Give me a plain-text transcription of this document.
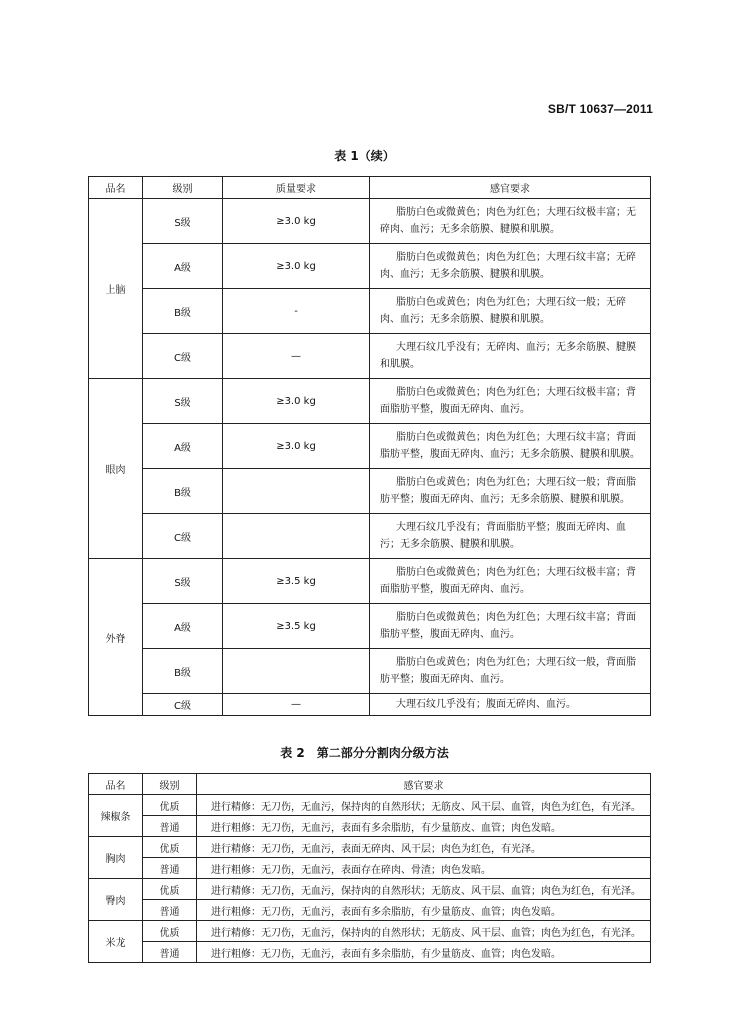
SB/T 10637—2011
表 1（续）
品名	级别	质量要求	感官要求
上脑	S级	≥3.0 kg	脂肪白色或微黄色；肉色为红色；大理石纹极丰富；无碎肉、血污；无多余筋膜、腱膜和肌膜。
	A级	≥3.0 kg	脂肪白色或微黄色；肉色为红色；大理石纹丰富；无碎肉、血污；无多余筋膜、腱膜和肌膜。
	B级	-	脂肪白色或黄色；肉色为红色；大理石纹一般；无碎肉、血污；无多余筋膜、腱膜和肌膜。
	C级	—	大理石纹几乎没有；无碎肉、血污；无多余筋膜、腱膜和肌膜。
眼肉	S级	≥3.0 kg	脂肪白色或微黄色；肉色为红色；大理石纹极丰富；背面脂肪平整，腹面无碎肉、血污。
	A级	≥3.0 kg	脂肪白色或微黄色；肉色为红色；大理石纹丰富；背面脂肪平整，腹面无碎肉、血污；无多余筋膜、腱膜和肌膜。
	B级		脂肪白色或黄色；肉色为红色；大理石纹一般；背面脂肪平整；腹面无碎肉、血污；无多余筋膜、腱膜和肌膜。
	C级		大理石纹几乎没有；背面脂肪平整；腹面无碎肉、血污；无多余筋膜、腱膜和肌膜。
外脊	S级	≥3.5 kg	脂肪白色或微黄色；肉色为红色；大理石纹极丰富；背面脂肪平整，腹面无碎肉、血污。
	A级	≥3.5 kg	脂肪白色或微黄色；肉色为红色；大理石纹丰富；背面脂肪平整，腹面无碎肉、血污。
	B级		脂肪白色或黄色；肉色为红色；大理石纹一般，背面脂肪平整；腹面无碎肉、血污。
	C级	—	大理石纹几乎没有；腹面无碎肉、血污。
表 2　第二部分分割肉分级方法
品名	级别	感官要求
辣椒条	优质	进行精修：无刀伤，无血污，保持肉的自然形状；无筋皮、风干层、血管，肉色为红色，有光泽。
	普通	进行粗修：无刀伤，无血污，表面有多余脂肪，有少量筋皮、血管；肉色发暗。
胸肉	优质	进行精修：无刀伤，无血污，表面无碎肉、风干层；肉色为红色，有光泽。
	普通	进行粗修：无刀伤，无血污，表面存在碎肉、骨渣；肉色发暗。
臀肉	优质	进行精修：无刀伤，无血污，保持肉的自然形状；无筋皮、风干层、血管；肉色为红色，有光泽。
	普通	进行粗修：无刀伤，无血污，表面有多余脂肪，有少量筋皮、血管；肉色发暗。
米龙	优质	进行精修：无刀伤，无血污，保持肉的自然形状；无筋皮、风干层、血管；肉色为红色，有光泽。
	普通	进行粗修：无刀伤，无血污，表面有多余脂肪，有少量筋皮、血管；肉色发暗。
